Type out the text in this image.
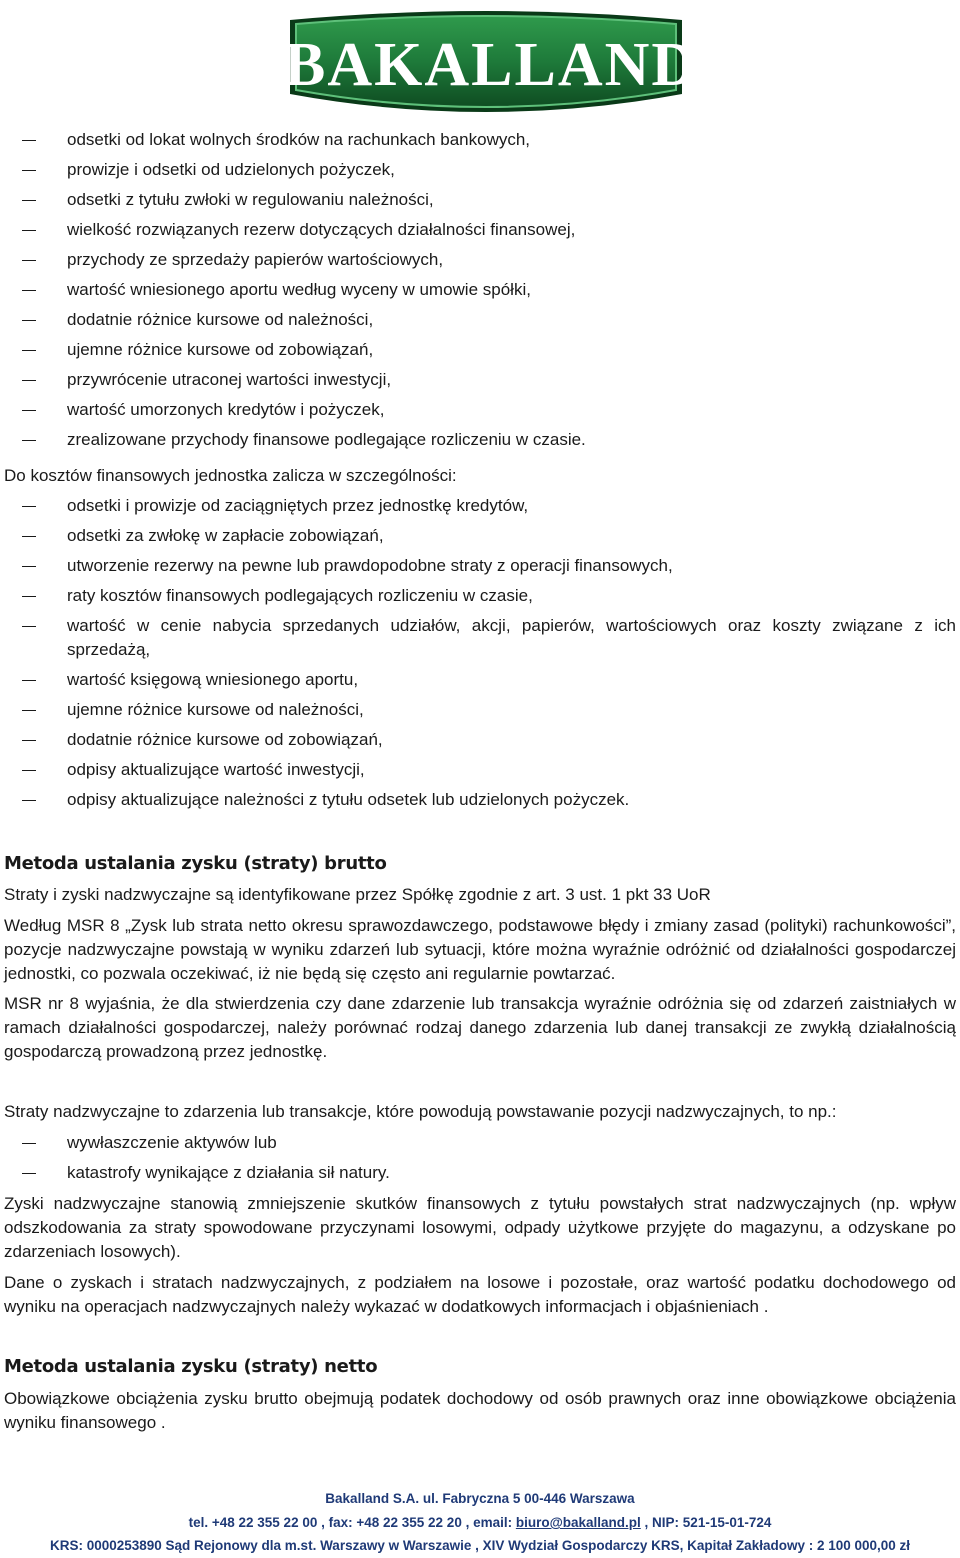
BAKALLAND
odsetki od lokat wolnych środków na rachunkach bankowych,
prowizje i odsetki od udzielonych pożyczek,
odsetki z tytułu zwłoki w regulowaniu należności,
wielkość rozwiązanych rezerw dotyczących działalności finansowej,
przychody ze sprzedaży papierów wartościowych,
wartość wniesionego aportu według wyceny w umowie spółki,
dodatnie różnice kursowe od należności,
ujemne różnice kursowe od zobowiązań,
przywrócenie utraconej wartości inwestycji,
wartość umorzonych kredytów i pożyczek,
zrealizowane przychody finansowe podlegające rozliczeniu w czasie.

Do kosztów finansowych jednostka zalicza w szczególności:

odsetki i prowizje od zaciągniętych przez jednostkę kredytów,
odsetki za zwłokę w zapłacie zobowiązań,
utworzenie rezerwy na pewne lub prawdopodobne straty z operacji finansowych,
raty kosztów finansowych podlegających rozliczeniu w czasie,
wartość w cenie nabycia sprzedanych udziałów, akcji, papierów, wartościowych oraz koszty związane z ich sprzedażą,
wartość księgową wniesionego aportu,
ujemne różnice kursowe od należności,
dodatnie różnice kursowe od zobowiązań,
odpisy aktualizujące wartość inwestycji,
odpisy aktualizujące należności z tytułu odsetek lub udzielonych pożyczek.
Metoda ustalania zysku (straty) brutto

Straty i zyski nadzwyczajne są identyfikowane przez Spółkę zgodnie z art. 3 ust. 1 pkt 33 UoR

Według MSR 8 „Zysk lub strata netto okresu sprawozdawczego, podstawowe błędy i zmiany zasad (polityki) rachunkowości”, pozycje nadzwyczajne powstają w wyniku zdarzeń lub sytuacji, które można wyraźnie odróżnić od działalności gospodarczej jednostki, co pozwala oczekiwać, iż nie będą się często ani regularnie powtarzać.

MSR nr 8 wyjaśnia, że dla stwierdzenia czy dane zdarzenie lub transakcja wyraźnie odróżnia się od zdarzeń zaistniałych w ramach działalności gospodarczej, należy porównać rodzaj danego zdarzenia lub danej transakcji ze zwykłą działalnością gospodarczą prowadzoną przez jednostkę.

Straty nadzwyczajne to zdarzenia lub transakcje, które powodują powstawanie pozycji nadzwyczajnych, to np.:

wywłaszczenie aktywów lub
katastrofy wynikające z działania sił natury.

Zyski nadzwyczajne stanowią zmniejszenie skutków finansowych z tytułu powstałych strat nadzwyczajnych (np. wpływ odszkodowania za straty spowodowane przyczynami losowymi, odpady użytkowe przyjęte do magazynu, a odzyskane po zdarzeniach losowych).

Dane o zyskach i stratach nadzwyczajnych, z podziałem na losowe i pozostałe, oraz wartość podatku dochodowego od wyniku na operacjach nadzwyczajnych należy wykazać w dodatkowych informacjach i objaśnieniach .

Metoda ustalania zysku (straty) netto

Obowiązkowe obciążenia zysku brutto obejmują podatek dochodowy od osób prawnych oraz inne obowiązkowe obciążenia wyniku finansowego .

Bakalland S.A. ul. Fabryczna 5 00-446 Warszawa
tel. +48 22 355 22 00 , fax: +48 22 355 22 20 , email: biuro@bakalland.pl , NIP: 521-15-01-724
KRS: 0000253890 Sąd Rejonowy dla m.st. Warszawy w Warszawie , XIV Wydział Gospodarczy KRS, Kapitał Zakładowy : 2 100 000,00 zł
